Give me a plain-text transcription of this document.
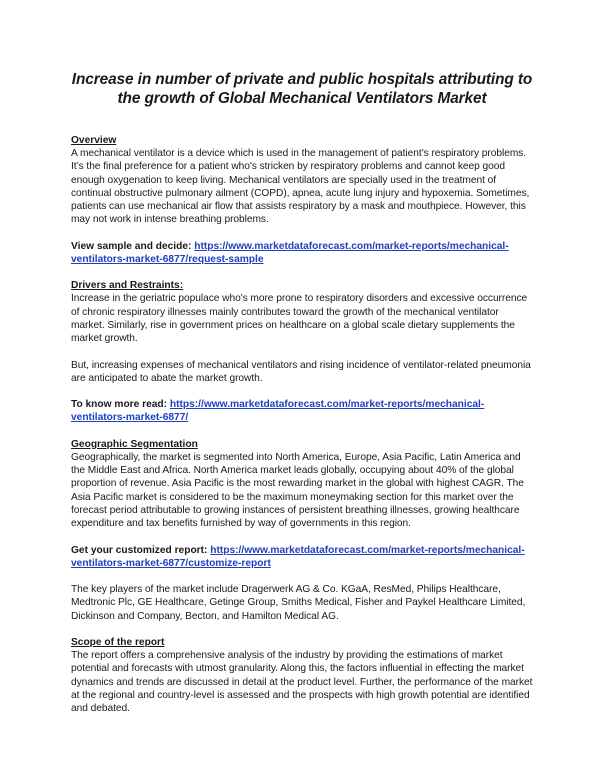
Increase in number of private and public hospitals attributing to the growth of Global Mechanical Ventilators Market
Overview

A mechanical ventilator is a device which is used in the management of patient’s respiratory problems. It’s the final preference for a patient who's stricken by respiratory problems and cannot keep good enough oxygenation to keep living. Mechanical ventilators are specially used in the treatment of continual obstructive pulmonary ailment (COPD), apnea, acute lung injury and hypoxemia. Sometimes, patients can use mechanical air flow that assists respiratory by a mask and mouthpiece. However, this may not work in intense breathing problems.

View sample and decide: https://www.marketdataforecast.com/market-reports/mechanical-ventilators-market-6877/request-sample
Drivers and Restraints:

Increase in the geriatric populace who's more prone to respiratory disorders and excessive occurrence of chronic respiratory illnesses mainly contributes toward the growth of the mechanical ventilator market. Similarly, rise in government prices on healthcare on a global scale dietary supplements the market growth.

But, increasing expenses of mechanical ventilators and rising incidence of ventilator-related pneumonia are anticipated to abate the market growth.

To know more read: https://www.marketdataforecast.com/market-reports/mechanical-ventilators-market-6877/
Geographic Segmentation

Geographically, the market is segmented into North America, Europe, Asia Pacific, Latin America and the Middle East and Africa. North America market leads globally, occupying about 40% of the global proportion of revenue. Asia Pacific is the most rewarding market in the global with highest CAGR. The Asia Pacific market is considered to be the maximum moneymaking section for this market over the forecast period attributable to growing instances of persistent breathing illnesses, growing healthcare expenditure and tax benefits furnished by way of governments in this region.

Get your customized report: https://www.marketdataforecast.com/market-reports/mechanical-ventilators-market-6877/customize-report

The key players of the market include Dragerwerk AG & Co. KGaA, ResMed, Philips Healthcare, Medtronic Plc, GE Healthcare, Getinge Group, Smiths Medical, Fisher and Paykel Healthcare Limited, Dickinson and Company, Becton, and Hamilton Medical AG.

Scope of the report

The report offers a comprehensive analysis of the industry by providing the estimations of market potential and forecasts with utmost granularity. Along this, the factors influential in effecting the market dynamics and trends are discussed in detail at the product level. Further, the performance of the market at the regional and country-level is assessed and the prospects with high growth potential are identified and debated.
